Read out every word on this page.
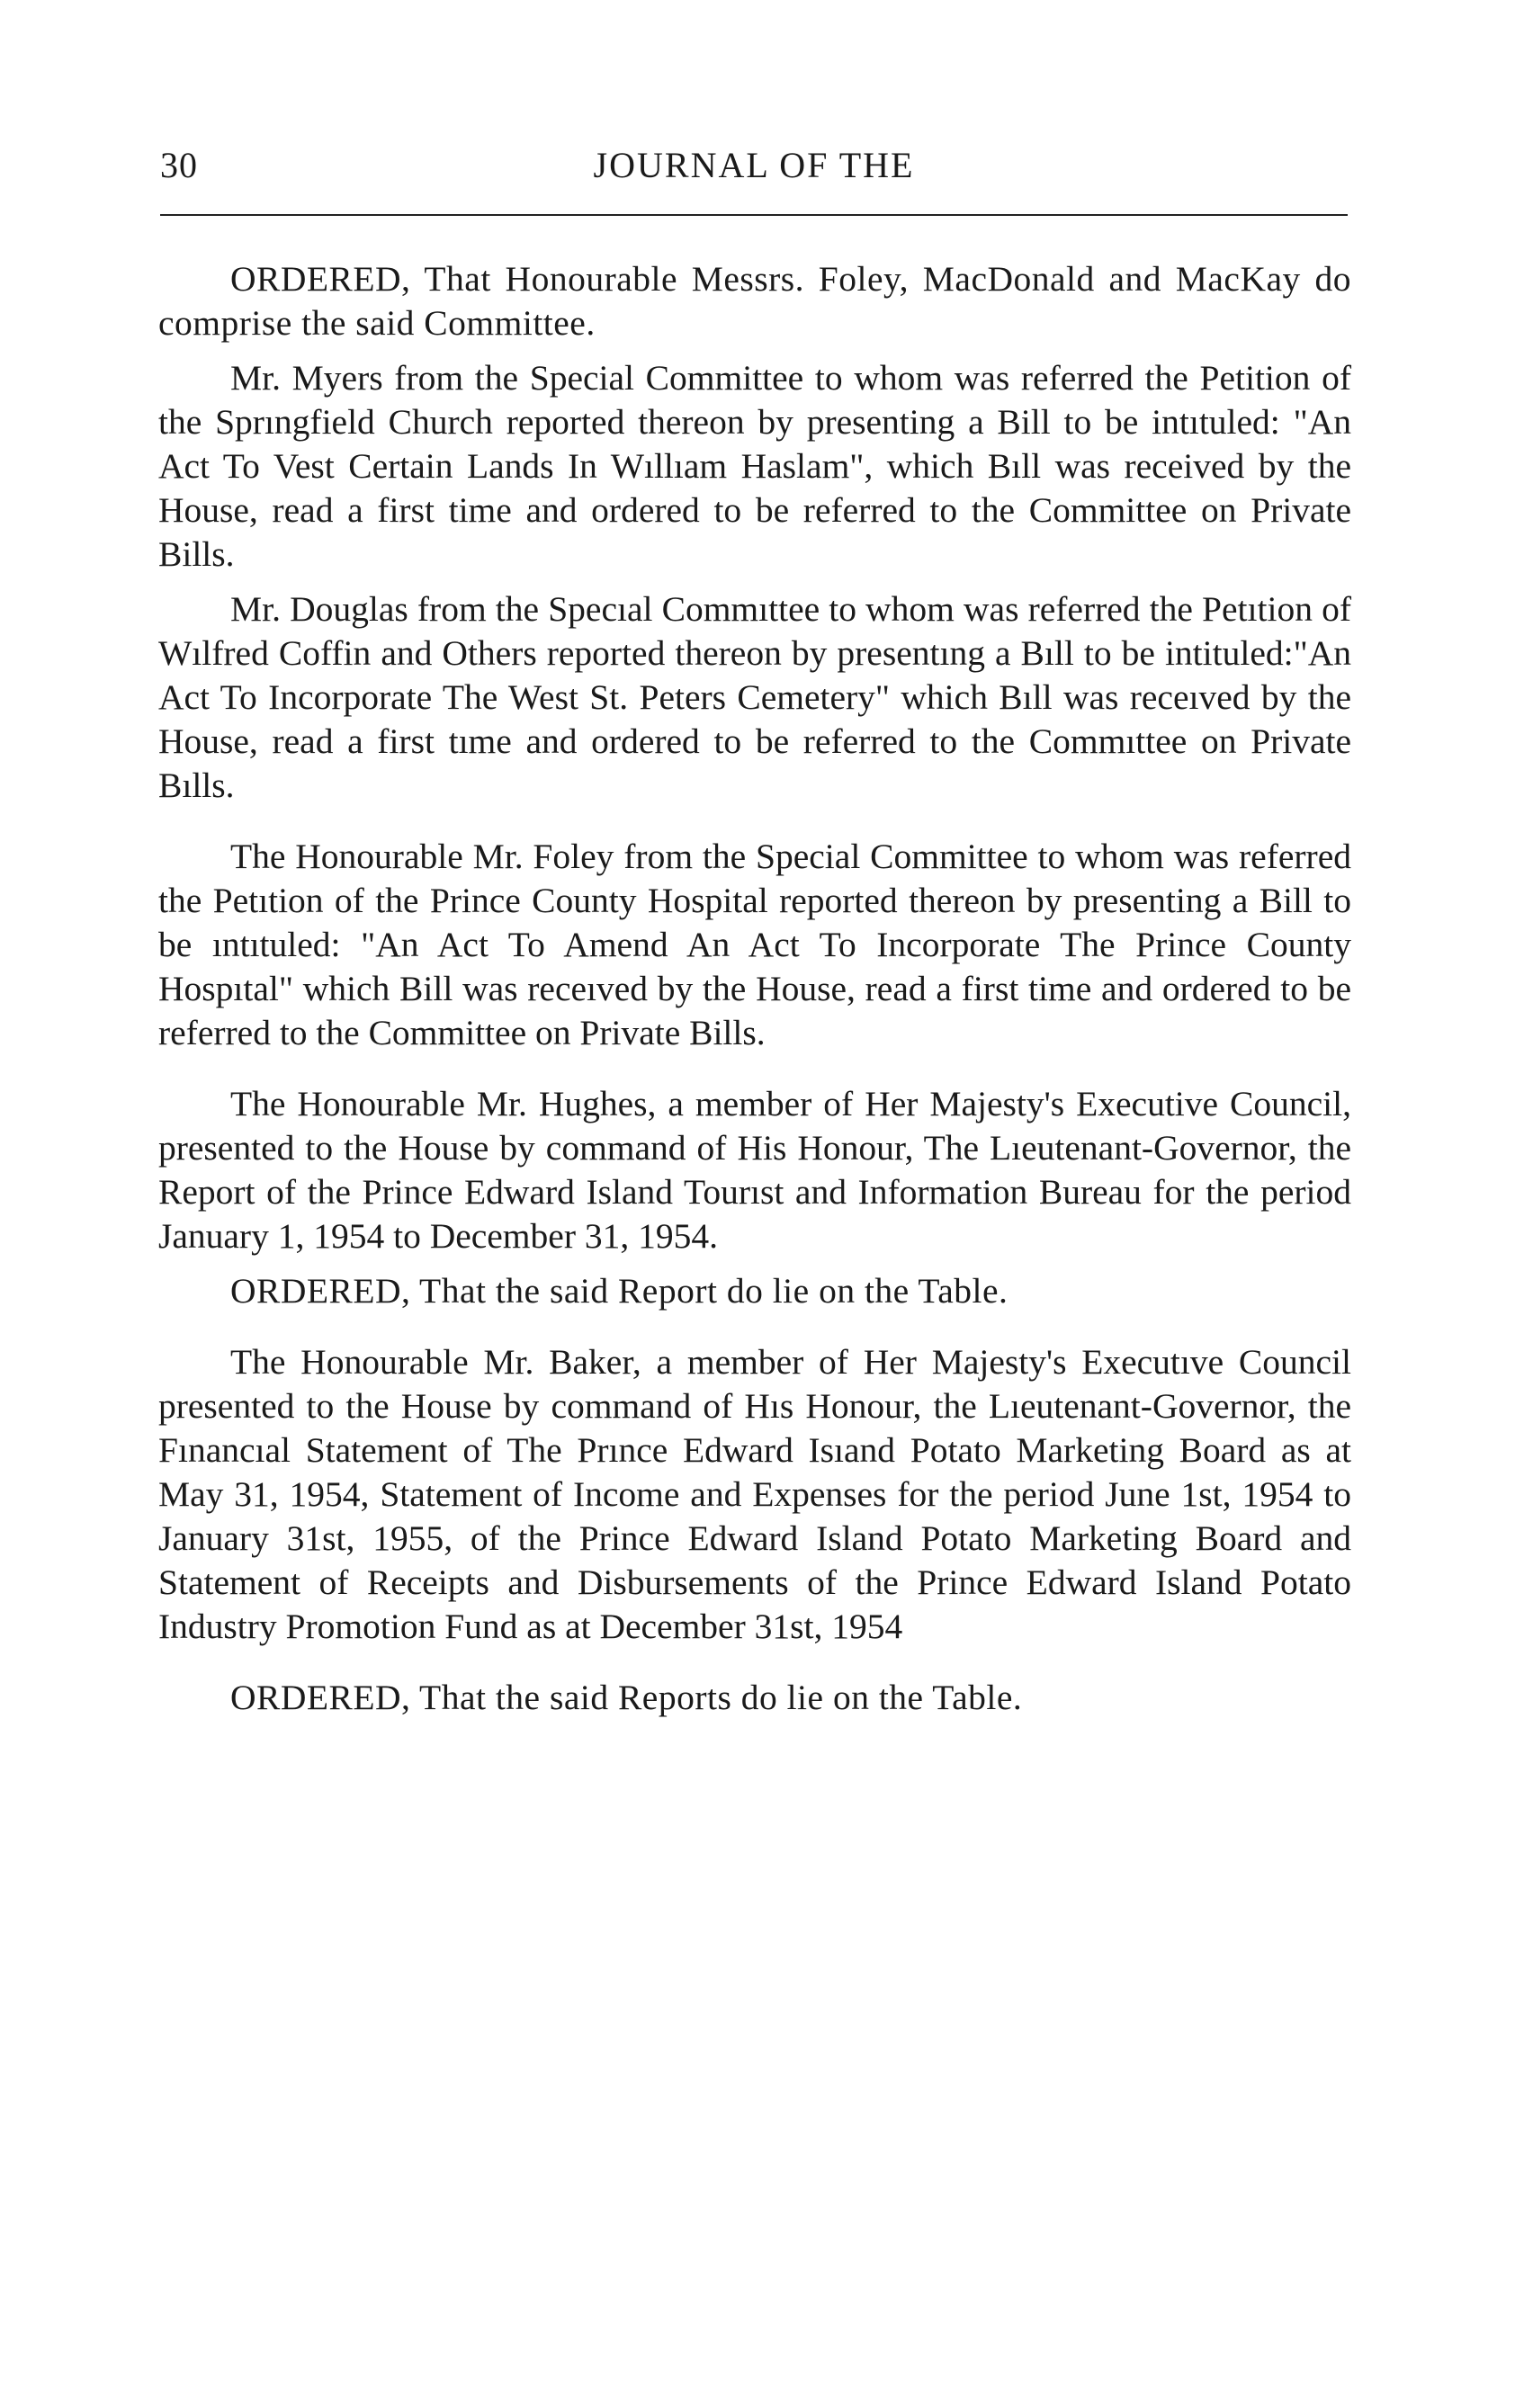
30	JOURNAL OF THE

ORDERED, That Honourable Messrs. Foley, MacDonald and MacKay do comprise the said Committee.

Mr. Myers from the Special Committee to whom was referred the Petition of the Sprıngfield Church reported thereon by presenting a Bill to be intıtuled: "An Act To Vest Certain Lands In Wıllıam Haslam", which Bıll was received by the House, read a first time and ordered to be referred to the Committee on Private Bills.

Mr. Douglas from the Specıal Commıttee to whom was referred the Petıtion of Wılfred Coffin and Others reported thereon by presentıng a Bıll to be intituled:"An Act To Incorporate The West St. Peters Cemetery" which Bıll was receıved by the House, read a first tıme and ordered to be referred to the Commıttee on Private Bılls.

The Honourable Mr. Foley from the Special Committee to whom was referred the Petıtion of the Prince County Hospital reported thereon by presenting a Bill to be ıntıtuled: "An Act To Amend An Act To Incorporate The Prince County Hospıtal" which Bill was receıved by the House, read a first time and ordered to be referred to the Committee on Private Bills.

The Honourable Mr. Hughes, a member of Her Majesty's Executive Council, presented to the House by command of His Honour, The Lıeutenant-Governor, the Report of the Prince Edward Island Tourıst and Information Bureau for the period January 1, 1954 to December 31, 1954.

ORDERED, That the said Report do lie on the Table.

The Honourable Mr. Baker, a member of Her Majesty's Executıve Council presented to the House by command of Hıs Honour, the Lıeutenant-Governor, the Fınancıal Statement of The Prınce Edward Isıand Potato Marketing Board as at May 31, 1954, Statement of Income and Expenses for the period June 1st, 1954 to January 31st, 1955, of the Prince Edward Island Potato Marketing Board and Statement of Receipts and Disbursements of the Prince Edward Island Potato Industry Promotion Fund as at December 31st, 1954

ORDERED, That the said Reports do lie on the Table.
